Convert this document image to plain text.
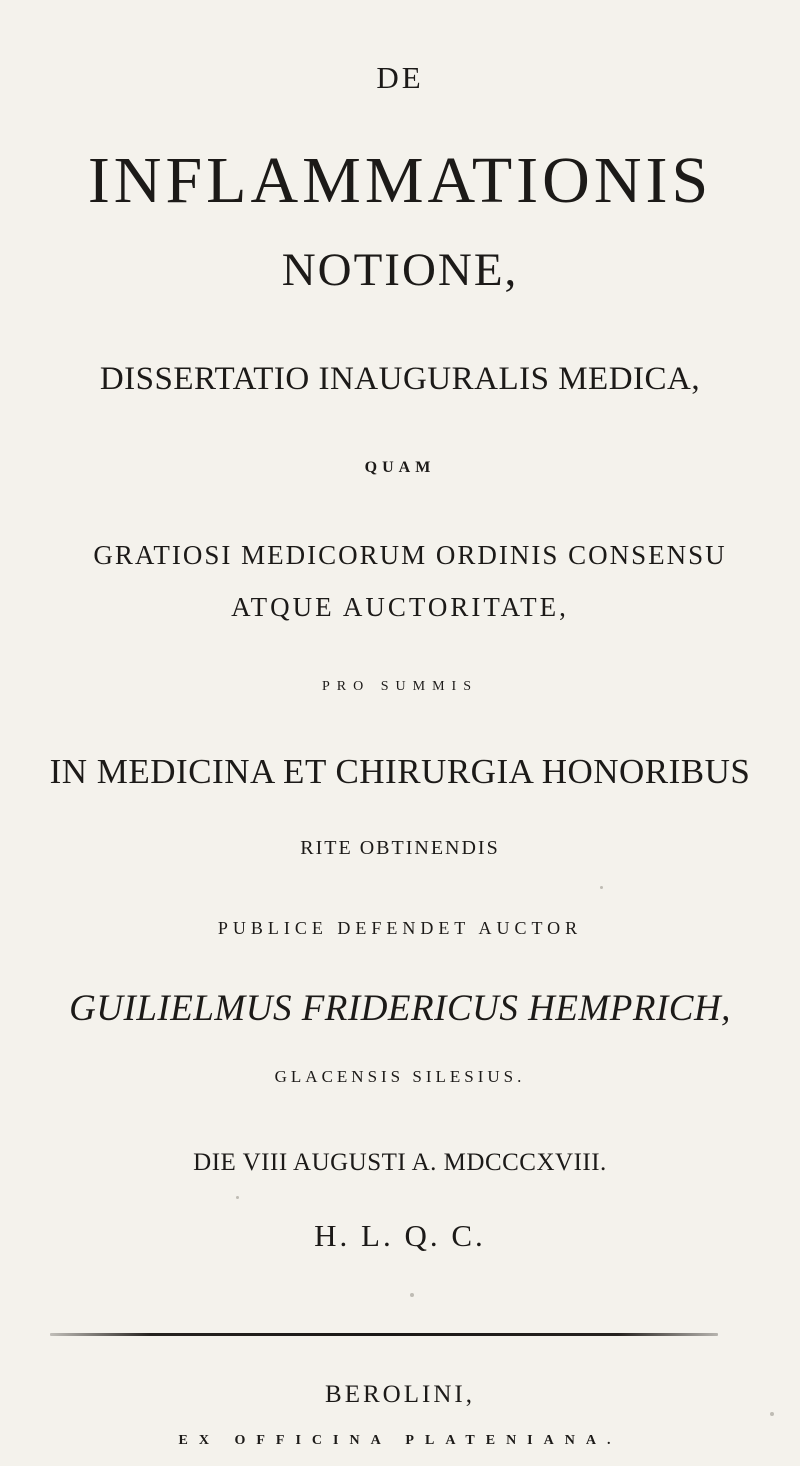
DE
INFLAMMATIONIS
NOTIONE,
DISSERTATIO INAUGURALIS MEDICA,
QUAM
GRATIOSI MEDICORUM ORDINIS CONSENSU
ATQUE AUCTORITATE,
PRO SUMMIS
IN MEDICINA ET CHIRURGIA HONORIBUS
RITE OBTINENDIS
PUBLICE DEFENDET AUCTOR
GUILIELMUS FRIDERICUS HEMPRICH,
GLACENSIS SILESIUS.
DIE VIII AUGUSTI A. MDCCCXVIII.
H. L. Q. C.
BEROLINI,
EX OFFICINA PLATENIANA.
